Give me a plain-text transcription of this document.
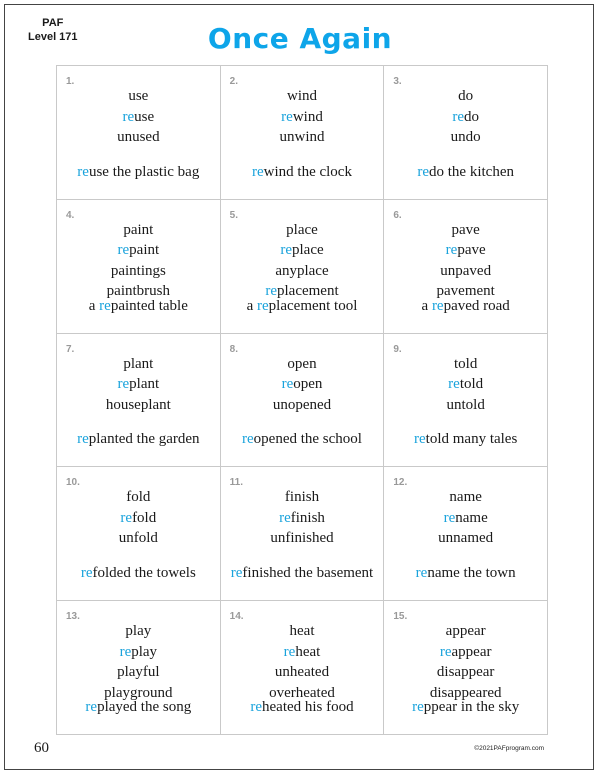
PAF
Level 171	Once Again
1.
use
reuse
unused
reuse the plastic bag
2.
wind
rewind
unwind
rewind the clock
3.
do
redo
undo
redo the kitchen
4.
paint
repaint
paintings
paintbrush
a repainted table
5.
place
replace
anyplace
replacement
a replacement tool
6.
pave
repave
unpaved
pavement
a repaved road
7.
plant
replant
houseplant
replanted the garden
8.
open
reopen
unopened
reopened the school
9.
told
retold
untold
retold many tales
10.
fold
refold
unfold
refolded the towels
11.
finish
refinish
unfinished
refinished the basement
12.
name
rename
unnamed
rename the town
13.
play
replay
playful
playground
replayed the song
14.
heat
reheat
unheated
overheated
reheated his food
15.
appear
reappear
disappear
disappeared
reppear in the sky
60	©2021PAFprogram.com
